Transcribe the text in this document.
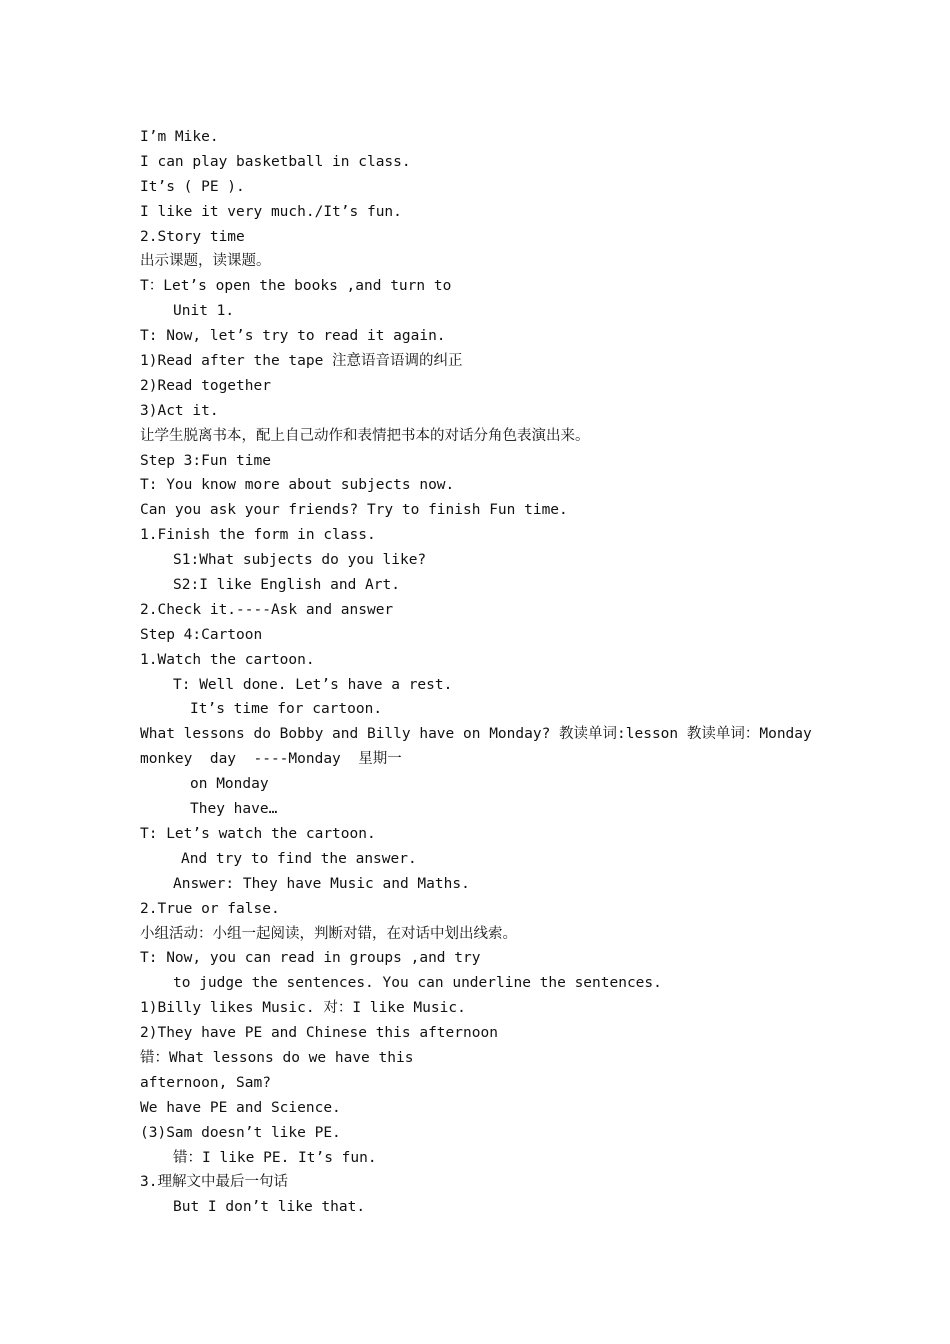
I’m Mike.
I can play basketball in class.
It’s ( PE ).
I like it very much./It’s fun.
2.Story time
出示课题，读课题。
T：Let’s open the books ,and turn to
Unit 1.
T: Now, let’s try to read it again.
1)Read after the tape 注意语音语调的纠正
2)Read together
3)Act it.
让学生脱离书本，配上自己动作和表情把书本的对话分角色表演出来。
Step 3:Fun time
T: You know more about subjects now.
Can you ask your friends? Try to finish Fun time.
1.Finish the form in class.
S1:What subjects do you like?
S2:I like English and Art.
2.Check it.----Ask and answer
Step 4:Cartoon
1.Watch the cartoon.
T: Well done. Let’s have a rest.
It’s time for cartoon.
What lessons do Bobby and Billy have on Monday? 教读单词:lesson 教读单词：Monday
monkey  day  ----Monday  星期一
on Monday
They have…
T: Let’s watch the cartoon.
And try to find the answer.
Answer: They have Music and Maths.
2.True or false.
小组活动：小组一起阅读，判断对错，在对话中划出线索。
T: Now, you can read in groups ,and try
to judge the sentences. You can underline the sentences.
1)Billy likes Music. 对：I like Music.
2)They have PE and Chinese this afternoon
错：What lessons do we have this
afternoon, Sam?
We have PE and Science.
(3)Sam doesn’t like PE.
错：I like PE. It’s fun.
3.理解文中最后一句话
But I don’t like that.
